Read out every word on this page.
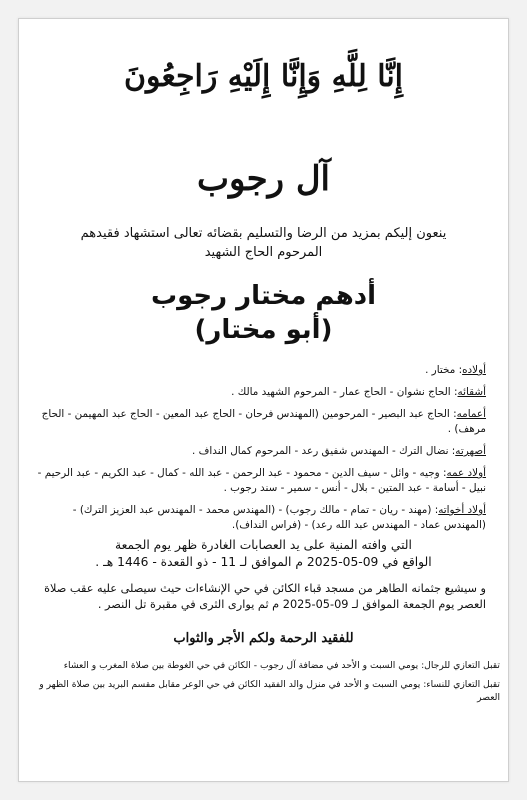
إِنَّا لِلَّهِ وَإِنَّا إِلَيْهِ رَاجِعُونَ
آل رجوب
ينعون إليكم بمزيد من الرضا والتسليم بقضائه تعالى استشهاد فقيدهم
المرحوم الحاج الشهيد
أدهم مختار رجوب
(أبو مختار)
أولاده: مختار .
أشقائه: الحاج نشوان - الحاج عمار - المرحوم الشهيد مالك .
أعمامه: الحاج عبد البصير - المرحومين (المهندس فرحان - الحاج عبد المعين - الحاج عبد المهيمن - الحاج مرهف) .
أصهرته: نضال الترك - المهندس شفيق رعد - المرحوم كمال النداف .
أولاد عمه: وجيه - وائل - سيف الدين - محمود - عبد الرحمن - عبد الله - كمال - عبد الكريم - عبد الرحيم - نبيل - أسامة - عبد المتين - بلال - أنس - سمير - سند رجوب .
أولاد أخواته: (مهند - ريان - تمام - مالك رجوب) - (المهندس محمد - المهندس عبد العزيز الترك) - (المهندس عماد - المهندس عبد الله رعد) - (فراس النداف).
التي وافته المنية على يد العصابات الغادرة ظهر يوم الجمعة
الواقع في 09-05-2025 م الموافق لـ 11 - ذو القعدة - 1446 هـ .
و سيشيع جثمانه الطاهر من مسجد قباء الكائن في حي الإنشاءات حيث سيصلى عليه عقب صلاة العصر يوم الجمعة الموافق لـ 09-05-2025 م ثم يوارى الثرى في مقبرة تل النصر .
للفقيد الرحمة ولكم الأجر والثواب
تقبل التعازي للرجال: يومي السبت و الأحد في مضافة آل رجوب - الكائن في حي الغوطة بين صلاة المغرب و العشاء
تقبل التعازي للنساء: يومي السبت و الأحد في منزل والد الفقيد الكائن في حي الوعر مقابل مقسم البريد بين صلاة الظهر و العصر
